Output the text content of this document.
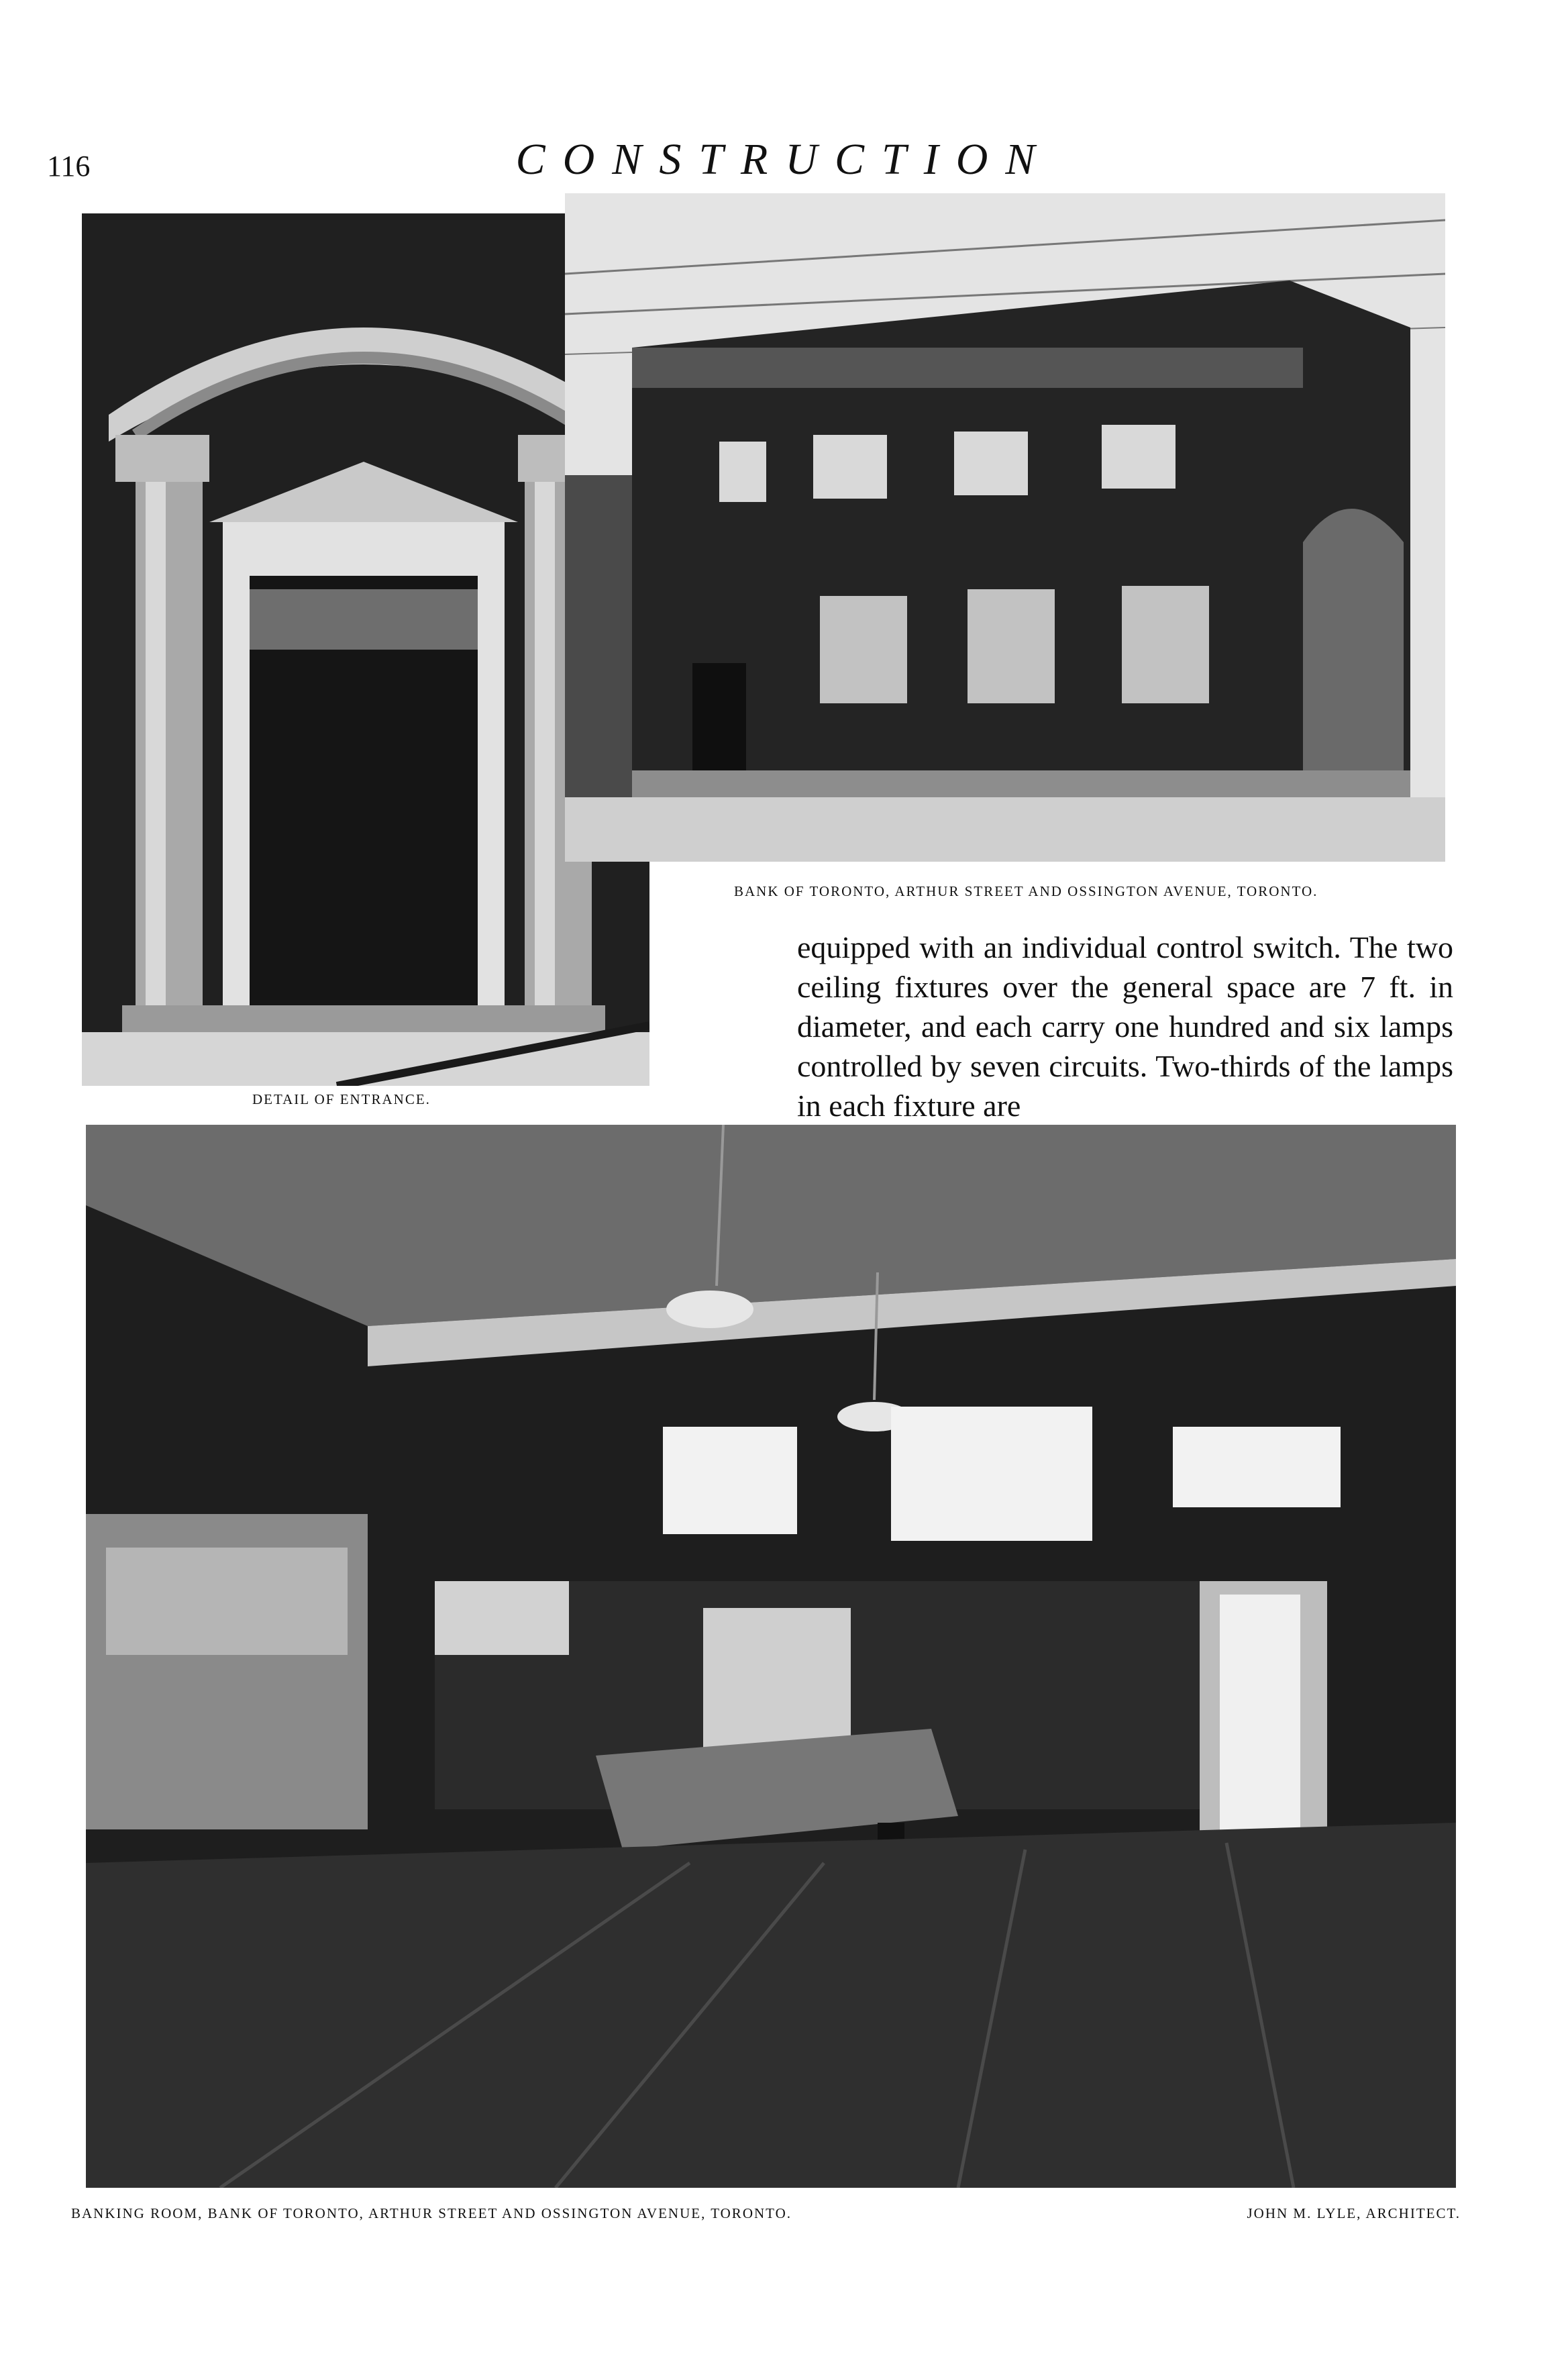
116	CONSTRUCTION
DETAIL OF ENTRANCE.
BANK OF TORONTO, ARTHUR STREET AND OSSINGTON AVENUE, TORONTO.

equipped with an individual control switch. The two ceiling fixtures over the general space are 7 ft. in diameter, and each carry one hundred and six lamps controlled by seven circuits. Two-thirds of the lamps in each fixture are

BANKING ROOM, BANK OF TORONTO, ARTHUR STREET AND OSSINGTON AVENUE, TORONTO.	JOHN M. LYLE, ARCHITECT.
